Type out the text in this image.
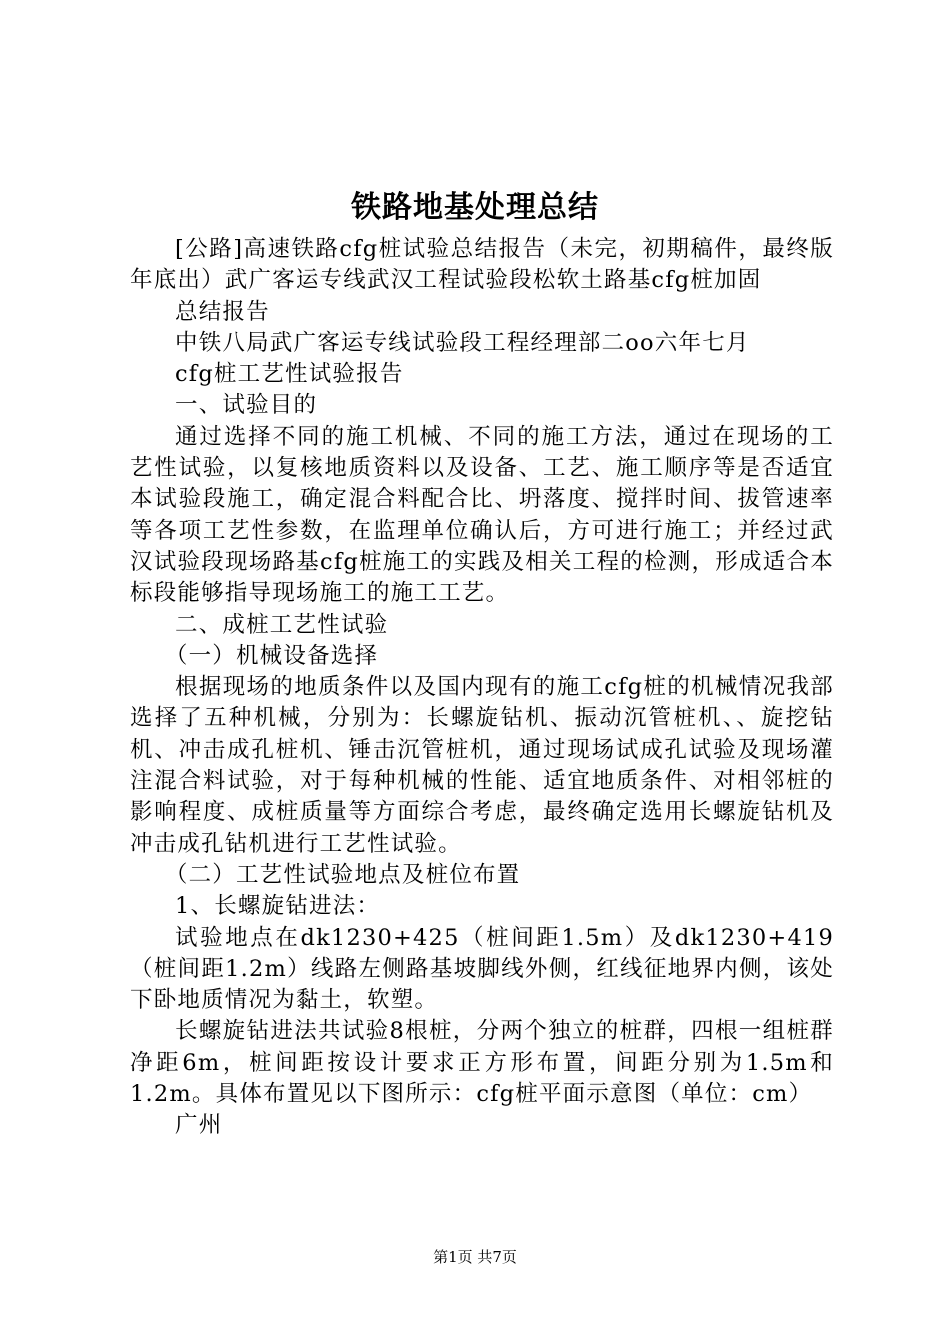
铁路地基处理总结

[公路]高速铁路cfg桩试验总结报告（未完，初期稿件，最终版年底出）武广客运专线武汉工程试验段松软土路基cfg桩加固

总结报告

中铁八局武广客运专线试验段工程经理部二oo六年七月

cfg桩工艺性试验报告

一、试验目的

通过选择不同的施工机械、不同的施工方法，通过在现场的工艺性试验，以复核地质资料以及设备、工艺、施工顺序等是否适宜本试验段施工，确定混合料配合比、坍落度、搅拌时间、拔管速率等各项工艺性参数，在监理单位确认后，方可进行施工；并经过武汉试验段现场路基cfg桩施工的实践及相关工程的检测，形成适合本标段能够指导现场施工的施工工艺。

二、成桩工艺性试验

（一）机械设备选择

根据现场的地质条件以及国内现有的施工cfg桩的机械情况我部选择了五种机械，分别为：长螺旋钻机、振动沉管桩机、、旋挖钻机、冲击成孔桩机、锤击沉管桩机，通过现场试成孔试验及现场灌注混合料试验，对于每种机械的性能、适宜地质条件、对相邻桩的影响程度、成桩质量等方面综合考虑，最终确定选用长螺旋钻机及冲击成孔钻机进行工艺性试验。

（二）工艺性试验地点及桩位布置

1、长螺旋钻进法：

试验地点在dk1230+425（桩间距1.5m）及dk1230+419（桩间距1.2m）线路左侧路基坡脚线外侧，红线征地界内侧，该处下卧地质情况为黏土，软塑。

长螺旋钻进法共试验8根桩，分两个独立的桩群，四根一组桩群净距6m，桩间距按设计要求正方形布置，间距分别为1.5m和1.2m。具体布置见以下图所示：cfg桩平面示意图（单位：cm）

广州

第1页 共7页
